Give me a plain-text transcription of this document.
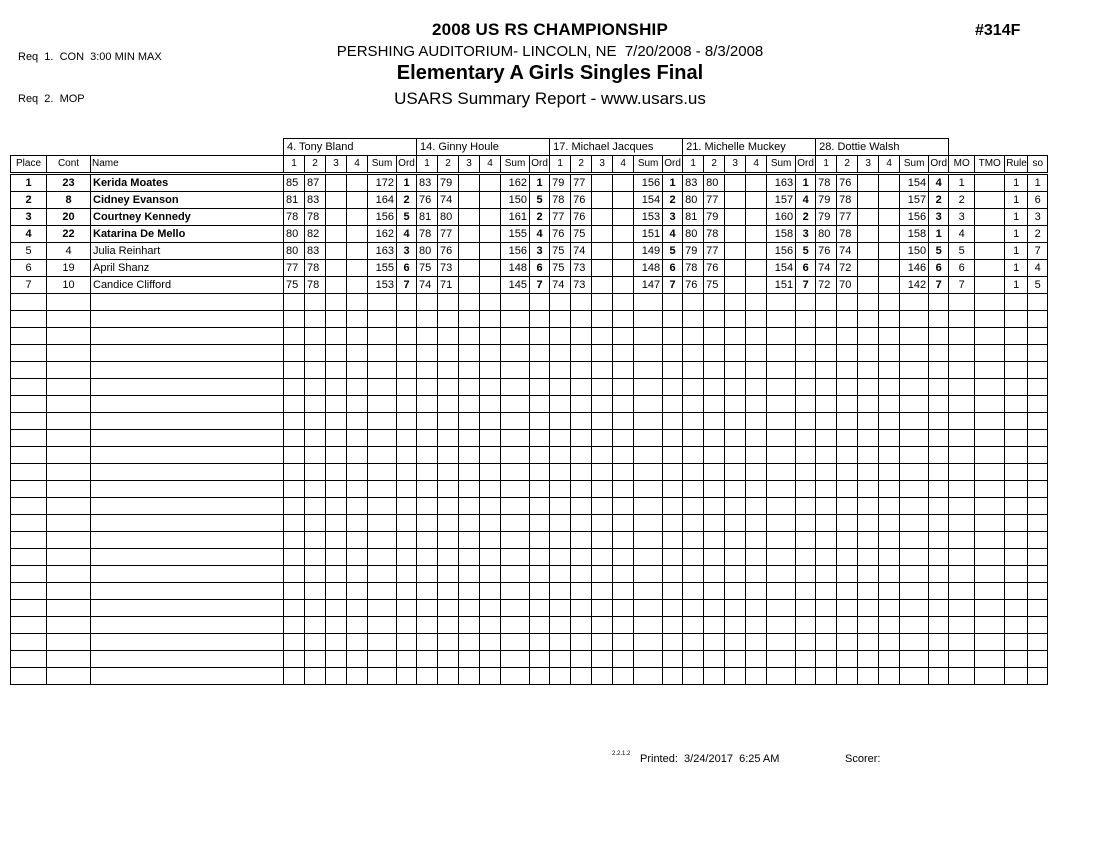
Req  1.  CON  3:00 MIN MAX

Req  2.  MOP

2008 US RS CHAMPIONSHIP
PERSHING AUDITORIUM- LINCOLN, NE  7/20/2008 - 8/3/2008
Elementary A Girls Singles Final
USARS Summary Report - www.usars.us
#314F
			4. Tony Bland						14. Ginny Houle						17. Michael Jacques						21. Michelle Muckey						28. Dottie Walsh									
Place	Cont	Name	1	2	3	4	Sum	Ord	1	2	3	4	Sum	Ord	1	2	3	4	Sum	Ord	1	2	3	4	Sum	Ord	1	2	3	4	Sum	Ord	MO	TMO	Rule	so
1	23	Kerida Moates	85	87			172	1	83	79			162	1	79	77			156	1	83	80			163	1	78	76			154	4	1		1	1
2	8	Cidney Evanson	81	83			164	2	76	74			150	5	78	76			154	2	80	77			157	4	79	78			157	2	2		1	6
3	20	Courtney Kennedy	78	78			156	5	81	80			161	2	77	76			153	3	81	79			160	2	79	77			156	3	3		1	3
4	22	Katarina De Mello	80	82			162	4	78	77			155	4	76	75			151	4	80	78			158	3	80	78			158	1	4		1	2
5	4	Julia Reinhart	80	83			163	3	80	76			156	3	75	74			149	5	79	77			156	5	76	74			150	5	5		1	7
6	19	April Shanz	77	78			155	6	75	73			148	6	75	73			148	6	78	76			154	6	74	72			146	6	6		1	4
7	10	Candice Clifford	75	78			153	7	74	71			145	7	74	73			147	7	76	75			151	7	72	70			142	7	7		1	5

2.2.1.2 Printed:  3/24/2017  6:25 AM	Scorer:
